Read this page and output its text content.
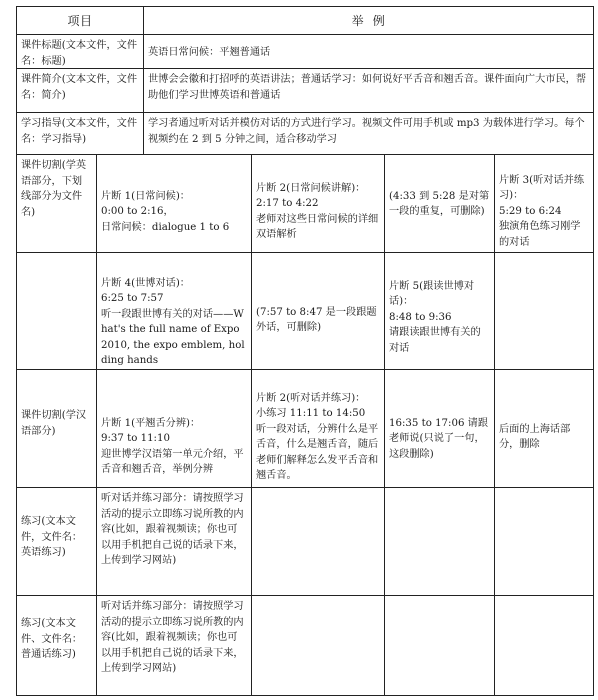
项目	举  例
课件标题(文本文件，文件名：标题)
英语日常问候：平翘普通话
课件简介(文本文件，文件名：简介)
世博会会徽和打招呼的英语讲法；普通话学习：如何说好平舌音和翘舌音。课件面向广大市民，帮助他们学习世博英语和普通话
学习指导(文本文件，文件名：学习指导)
学习者通过听对话并模仿对话的方式进行学习。视频文件可用手机或 mp3 为载体进行学习。每个视频约在 2 到 5 分钟之间，适合移动学习
课件切割(学英语部分，下划线部分为文件名)

片断 1(日常问候)：
0:00 to 2:16，
日常问候：dialogue 1 to 6

片断 2(日常问候讲解)：
2:17 to 4:22
老师对这些日常问候的详细双语解析

(4:33 到 5:28 是对第一段的重复，可删除)

片断 3(听对话并练习)：
5:29 to 6:24
独演角色练习刚学的对话

片断 4(世博对话)：
6:25 to 7:57
听一段跟世博有关的对话——What's the full name of Expo 2010, the expo emblem, holding hands

(7:57 to 8:47 是一段跟题外话，可删除)

片断 5(跟读世博对话)：
8:48 to 9:36
请跟读跟世博有关的对话

课件切割(学汉语部分)

片断 1(平翘舌分辨)：
9:37 to 11:10
迎世博学汉语第一单元介绍，平舌音和翘舌音，举例分辨

片断 2(听对话并练习)：
小练习 11:11 to 14:50
听一段对话，分辨什么是平舌音，什么是翘舌音，随后老师们解释怎么发平舌音和翘舌音。

16:35 to 17:06 请跟老师说(只说了一句，这段删除)

后面的上海话部分，删除

练习(文本文件，文件名：英语练习)
听对话并练习部分：请按照学习活动的提示立即练习说所教的内容(比如，跟着视频读；你也可以用手机把自己说的话录下来，上传到学习网站)
练习(文本文件、文件名：普通话练习)
听对话并练习部分：请按照学习活动的提示立即练习说所教的内容(比如，跟着视频读；你也可以用手机把自己说的话录下来，上传到学习网站)
